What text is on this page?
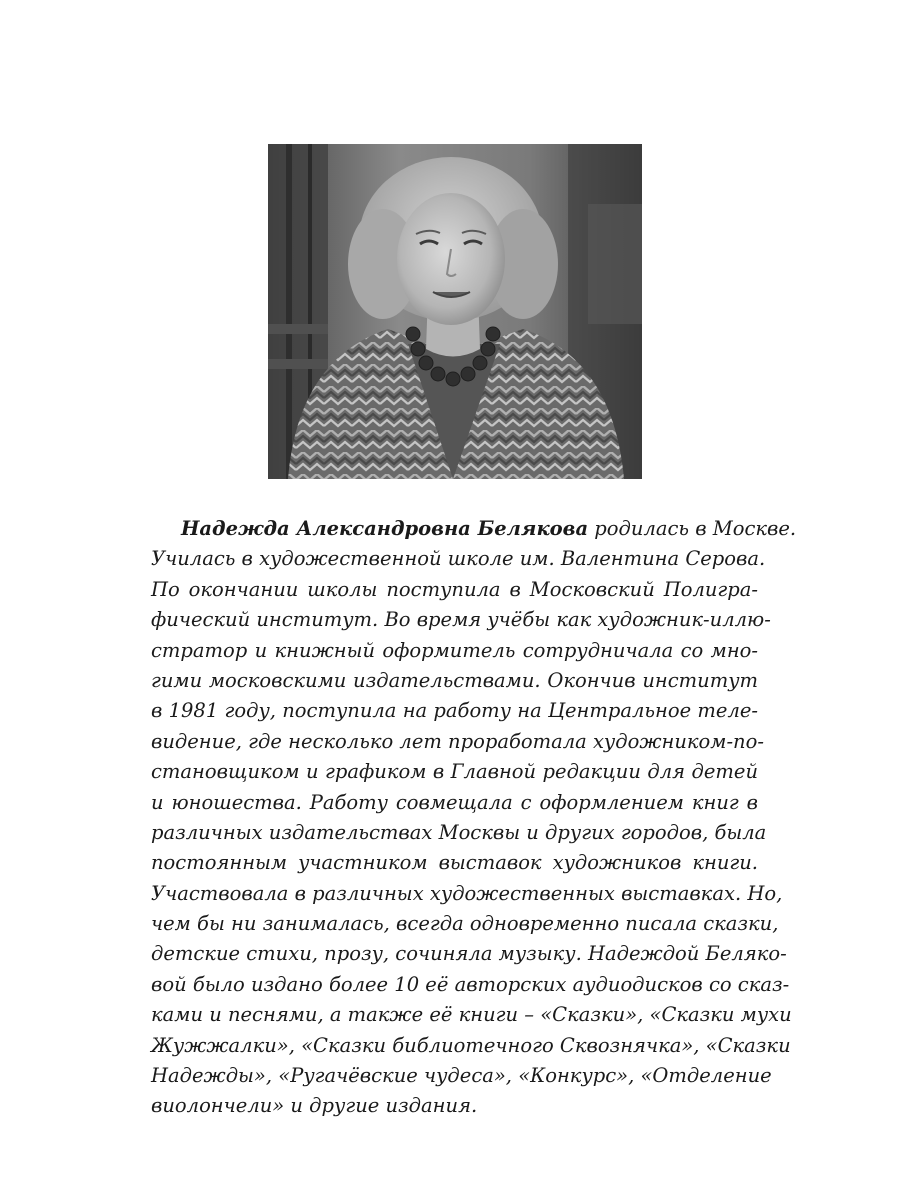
Надежда Александровна Белякова родилась в Москве.
Училась в художественной школе им. Валентина Серова.
По окончании школы поступила в Московский Полигра-
фический институт. Во время учёбы как художник-иллю-
стратор и книжный оформитель сотрудничала со мно-
гими московскими издательствами. Окончив институт
в 1981 году, поступила на работу на Центральное теле-
видение, где несколько лет проработала художником-по-
становщиком и графиком в Главной редакции для детей
и юношества. Работу совмещала с оформлением книг в
различных издательствах Москвы и других городов, была
постоянным участником выставок художников книги.
Участвовала в различных художественных выставках. Но,
чем бы ни занималась, всегда одновременно писала сказки,
детские стихи, прозу, сочиняла музыку. Надеждой Беляко-
вой было издано более 10 её авторских аудиодисков со сказ-
ками и песнями, а также её книги – «Сказки», «Сказки мухи
Жужжалки», «Сказки библиотечного Сквознячка», «Сказки
Надежды», «Ругачёвские чудеса», «Конкурс», «Отделение
виолончели» и другие издания.
